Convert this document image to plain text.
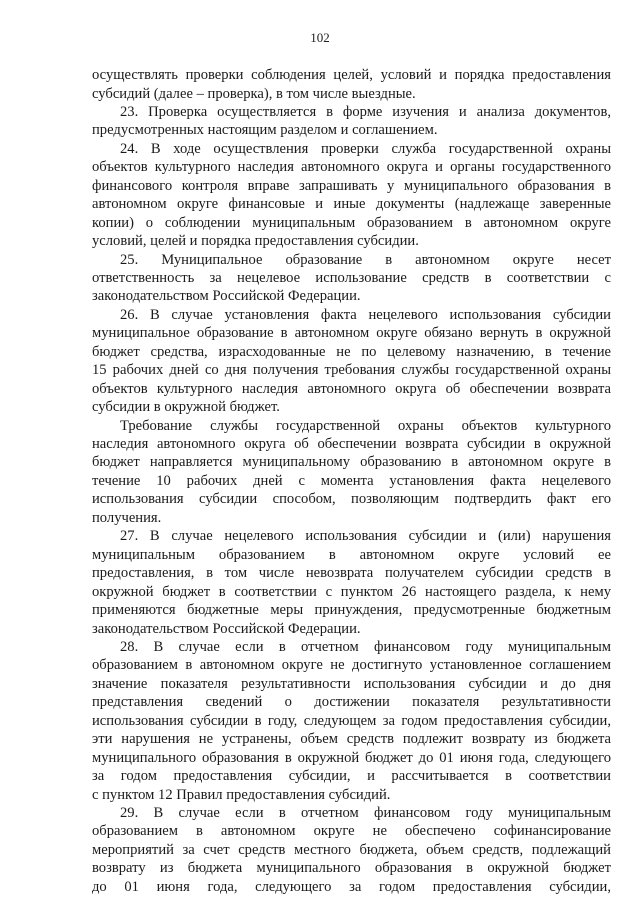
102
осуществлять проверки соблюдения целей, условий и порядка предоставления
субсидий (далее – проверка), в том числе выездные.
23. Проверка осуществляется в форме изучения и анализа документов,
предусмотренных настоящим разделом и соглашением.
24. В ходе осуществления проверки служба государственной охраны
объектов культурного наследия автономного округа и органы государственного
финансового контроля вправе запрашивать у муниципального образования в
автономном округе финансовые и иные документы (надлежаще заверенные
копии) о соблюдении муниципальным образованием в автономном округе
условий, целей и порядка предоставления субсидии.
25. Муниципальное образование в автономном округе несет
ответственность за нецелевое использование средств в соответствии с
законодательством Российской Федерации.
26. В случае установления факта нецелевого использования субсидии
муниципальное образование в автономном округе обязано вернуть в окружной
бюджет средства, израсходованные не по целевому назначению, в течение
15 рабочих дней со дня получения требования службы государственной охраны
объектов культурного наследия автономного округа об обеспечении возврата
субсидии в окружной бюджет.
Требование службы государственной охраны объектов культурного
наследия автономного округа об обеспечении возврата субсидии в окружной
бюджет направляется муниципальному образованию в автономном округе в
течение 10 рабочих дней с момента установления факта нецелевого
использования субсидии способом, позволяющим подтвердить факт его
получения.
27. В случае нецелевого использования субсидии и (или) нарушения
муниципальным образованием в автономном округе условий ее
предоставления, в том числе невозврата получателем субсидии средств в
окружной бюджет в соответствии с пунктом 26 настоящего раздела, к нему
применяются бюджетные меры принуждения, предусмотренные бюджетным
законодательством Российской Федерации.
28. В случае если в отчетном финансовом году муниципальным
образованием в автономном округе не достигнуто установленное соглашением
значение показателя результативности использования субсидии и до дня
представления сведений о достижении показателя результативности
использования субсидии в году, следующем за годом предоставления субсидии,
эти нарушения не устранены, объем средств подлежит возврату из бюджета
муниципального образования в окружной бюджет до 01 июня года, следующего
за годом предоставления субсидии, и рассчитывается в соответствии
с пунктом 12 Правил предоставления субсидий.
29. В случае если в отчетном финансовом году муниципальным
образованием в автономном округе не обеспечено софинансирование
мероприятий за счет средств местного бюджета, объем средств, подлежащий
возврату из бюджета муниципального образования в окружной бюджет
до 01 июня года, следующего за годом предоставления субсидии,
